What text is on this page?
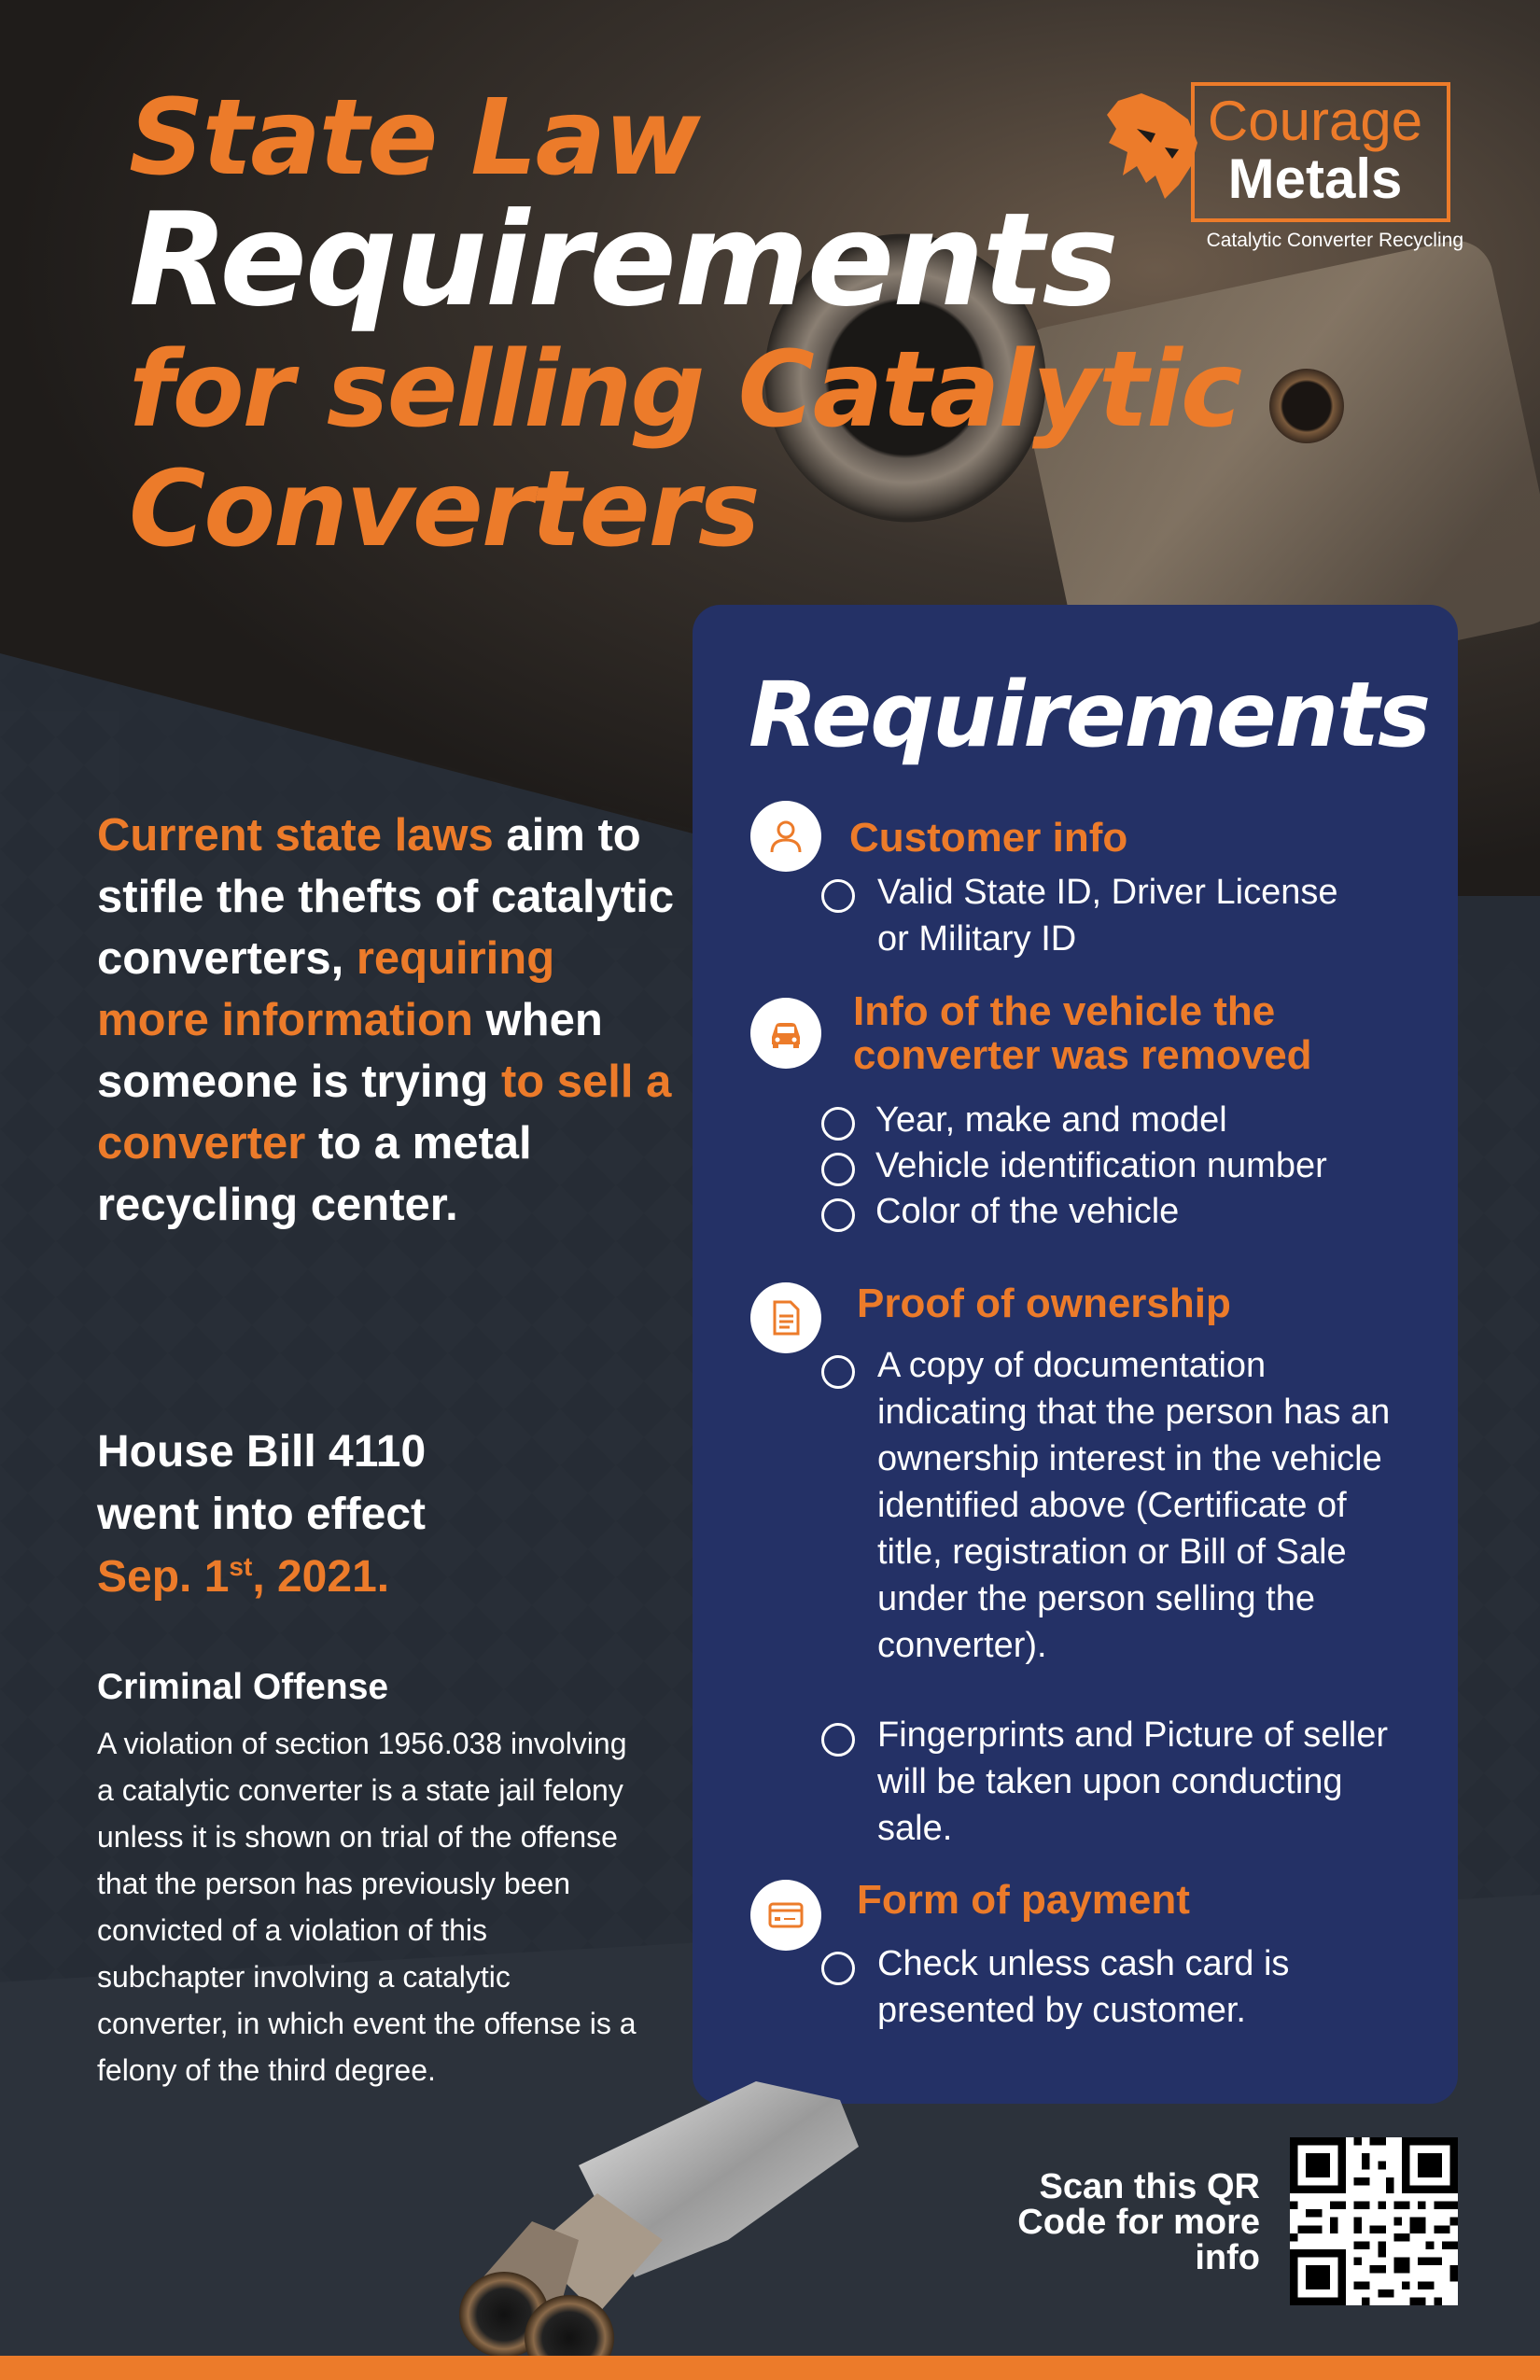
State Law
Requirements
for selling Catalytic Converters
Courage
Metals
Catalytic Converter Recycling
Current state laws aim to stifle the thefts of catalytic converters, requiring more information when someone is trying to sell a converter to a metal recycling center.
House Bill 4110
went into effect
Sep. 1st, 2021.
Criminal Offense
A violation of section 1956.038 involving a catalytic converter is a state jail felony unless it is shown on trial of the offense that the person has previously been convicted of a violation of this subchapter involving a catalytic converter, in which event the offense is a felony of the third degree.
Requirements
Customer info
Valid State ID, Driver License or Military ID
Info of the vehicle the converter was removed
Year, make and model
Vehicle identification number
Color of the vehicle
Proof of ownership
A copy of documentation indicating that the person has an ownership interest in the vehicle identified above (Certificate of title, registration or Bill of Sale under the person selling the converter).
Fingerprints and Picture of seller will be taken upon conducting sale.
Form of payment
Check unless cash card is presented by customer.
Scan this QR Code for more info
